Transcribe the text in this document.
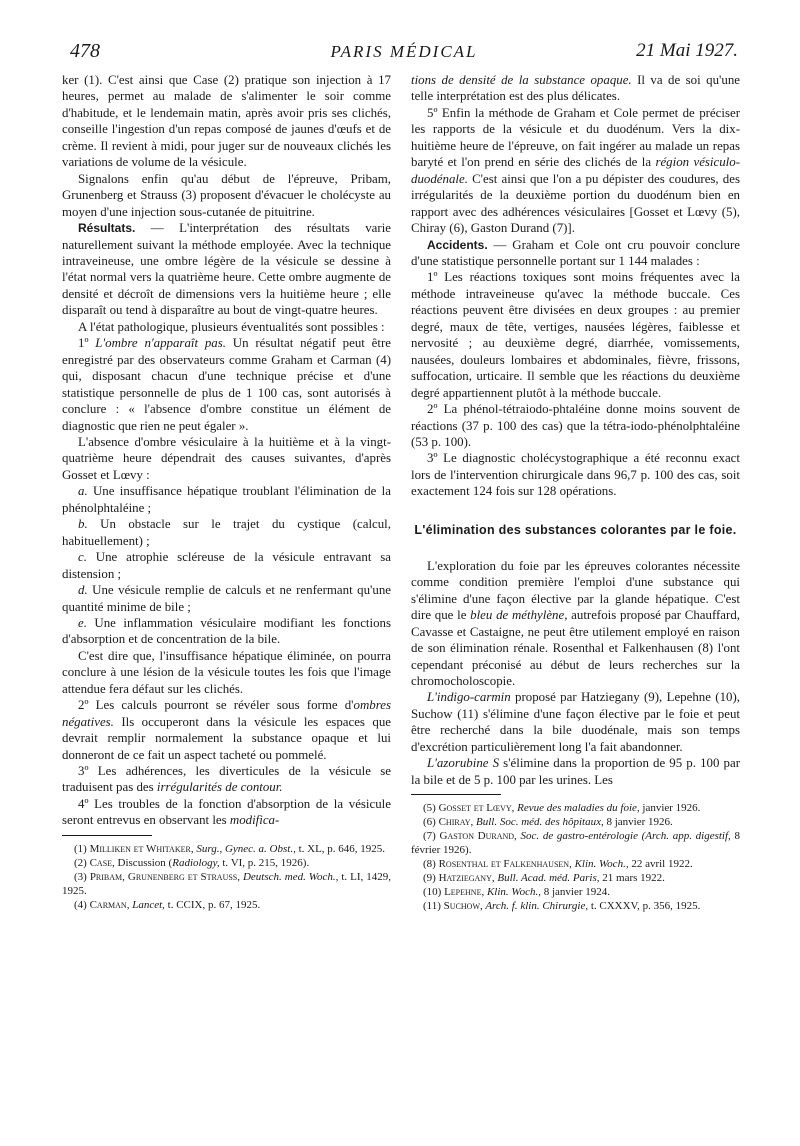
478	PARIS MÉDICAL	21 Mai 1927.

ker (1). C'est ainsi que Case (2) pratique son injection à 17 heures, permet au malade de s'alimenter le soir comme d'habitude, et le lendemain matin, après avoir pris ses clichés, conseille l'ingestion d'un repas composé de jaunes d'œufs et de crème. Il revient à midi, pour juger sur de nouveaux clichés les variations de volume de la vésicule.

Signalons enfin qu'au début de l'épreuve, Pribam, Grunenberg et Strauss (3) proposent d'évacuer le cholécyste au moyen d'une injection sous-cutanée de pituitrine.

Résultats. — L'interprétation des résultats varie naturellement suivant la méthode employée. Avec la technique intraveineuse, une ombre légère de la vésicule se dessine à l'état normal vers la quatrième heure. Cette ombre augmente de densité et décroît de dimensions vers la huitième heure ; elle disparaît ou tend à disparaître au bout de vingt-quatre heures.

A l'état pathologique, plusieurs éventualités sont possibles :

1º L'ombre n'apparaît pas. Un résultat négatif peut être enregistré par des observateurs comme Graham et Carman (4) qui, disposant chacun d'une technique précise et d'une statistique personnelle de plus de 1 100 cas, sont autorisés à conclure : « l'absence d'ombre constitue un élément de diagnostic que rien ne peut égaler ».

L'absence d'ombre vésiculaire à la huitième et à la vingt-quatrième heure dépendrait des causes suivantes, d'après Gosset et Lœvy :

a. Une insuffisance hépatique troublant l'élimination de la phénolphtaléine ;

b. Un obstacle sur le trajet du cystique (calcul, habituellement) ;

c. Une atrophie scléreuse de la vésicule entravant sa distension ;

d. Une vésicule remplie de calculs et ne renfermant qu'une quantité minime de bile ;

e. Une inflammation vésiculaire modifiant les fonctions d'absorption et de concentration de la bile.

C'est dire que, l'insuffisance hépatique éliminée, on pourra conclure à une lésion de la vésicule toutes les fois que l'image attendue fera défaut sur les clichés.

2º Les calculs pourront se révéler sous forme d'ombres négatives. Ils occuperont dans la vésicule les espaces que devrait remplir normalement la substance opaque et lui donneront de ce fait un aspect tacheté ou pommelé.

3º Les adhérences, les diverticules de la vésicule se traduisent pas des irrégularités de contour.

4º Les troubles de la fonction d'absorption de la vésicule seront entrevus en observant les modifica-

(1) Milliken et Whitaker, Surg., Gynec. a. Obst., t. XL, p. 646, 1925.

(2) Case, Discussion (Radiology, t. VI, p. 215, 1926).

(3) Pribam, Grunenberg et Strauss, Deutsch. med. Woch., t. LI, 1429, 1925.

(4) Carman, Lancet, t. CCIX, p. 67, 1925.

tions de densité de la substance opaque. Il va de soi qu'une telle interprétation est des plus délicates.

5º Enfin la méthode de Graham et Cole permet de préciser les rapports de la vésicule et du duodénum. Vers la dix-huitième heure de l'épreuve, on fait ingérer au malade un repas baryté et l'on prend en série des clichés de la région vésiculo-duodénale. C'est ainsi que l'on a pu dépister des coudures, des irrégularités de la deuxième portion du duodénum bien en rapport avec des adhérences vésiculaires [Gosset et Lœvy (5), Chiray (6), Gaston Durand (7)].

Accidents. — Graham et Cole ont cru pouvoir conclure d'une statistique personnelle portant sur 1 144 malades :

1º Les réactions toxiques sont moins fréquentes avec la méthode intraveineuse qu'avec la méthode buccale. Ces réactions peuvent être divisées en deux groupes : au premier degré, maux de tête, vertiges, nausées légères, faiblesse et nervosité ; au deuxième degré, diarrhée, vomissements, nausées, douleurs lombaires et abdominales, fièvre, frissons, suffocation, urticaire. Il semble que les réactions du deuxième degré appartiennent plutôt à la méthode buccale.

2º La phénol-tétraiodo-phtaléine donne moins souvent de réactions (37 p. 100 des cas) que la tétra-iodo-phénolphtaléine (53 p. 100).

3º Le diagnostic cholécystographique a été reconnu exact lors de l'intervention chirurgicale dans 96,7 p. 100 des cas, soit exactement 124 fois sur 128 opérations.

L'élimination des substances colorantes par le foie.

L'exploration du foie par les épreuves colorantes nécessite comme condition première l'emploi d'une substance qui s'élimine d'une façon élective par la glande hépatique. C'est dire que le bleu de méthylène, autrefois proposé par Chauffard, Cavasse et Castaigne, ne peut être utilement employé en raison de son élimination rénale. Rosenthal et Falkenhausen (8) l'ont cependant préconisé au début de leurs recherches sur la chromocholoscopie.

L'indigo-carmin proposé par Hatziegany (9), Lepehne (10), Suchow (11) s'élimine d'une façon élective par le foie et peut être recherché dans la bile duodénale, mais son temps d'excrétion particulièrement long l'a fait abandonner.

L'azorubine S s'élimine dans la proportion de 95 p. 100 par la bile et de 5 p. 100 par les urines. Les

(5) Gosset et Lœvy, Revue des maladies du foie, janvier 1926.

(6) Chiray, Bull. Soc. méd. des hôpitaux, 8 janvier 1926.

(7) Gaston Durand, Soc. de gastro-entérologie (Arch. app. digestif, 8 février 1926).

(8) Rosenthal et Falkenhausen, Klin. Woch., 22 avril 1922.

(9) Hatziegany, Bull. Acad. méd. Paris, 21 mars 1922.

(10) Lepehne, Klin. Woch., 8 janvier 1924.

(11) Suchow, Arch. f. klin. Chirurgie, t. CXXXV, p. 356, 1925.
